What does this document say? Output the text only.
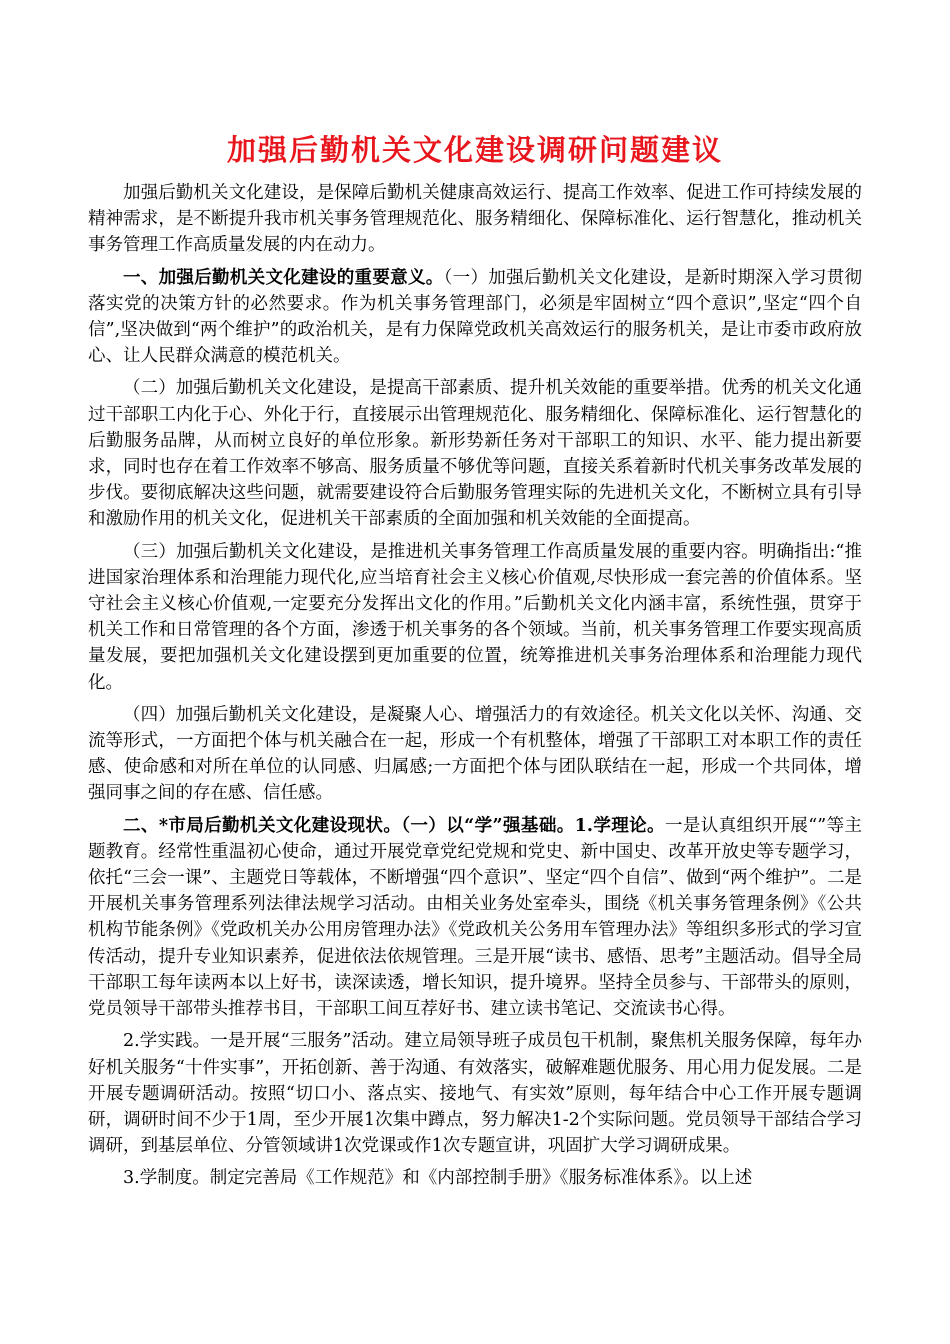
加强后勤机关文化建设调研问题建议

加强后勤机关文化建设，是保障后勤机关健康高效运行、提高工作效率、促进工作可持续发展的精神需求，是不断提升我市机关事务管理规范化、服务精细化、保障标准化、运行智慧化，推动机关事务管理工作高质量发展的内在动力。

一、加强后勤机关文化建设的重要意义。（一）加强后勤机关文化建设，是新时期深入学习贯彻落实党的决策方针的必然要求。作为机关事务管理部门，必须是牢固树立“四个意识”,坚定“四个自信”,坚决做到“两个维护”的政治机关，是有力保障党政机关高效运行的服务机关，是让市委市政府放心、让人民群众满意的模范机关。

（二）加强后勤机关文化建设，是提高干部素质、提升机关效能的重要举措。优秀的机关文化通过干部职工内化于心、外化于行，直接展示出管理规范化、服务精细化、保障标准化、运行智慧化的后勤服务品牌，从而树立良好的单位形象。新形势新任务对干部职工的知识、水平、能力提出新要求，同时也存在着工作效率不够高、服务质量不够优等问题，直接关系着新时代机关事务改革发展的步伐。要彻底解决这些问题，就需要建设符合后勤服务管理实际的先进机关文化，不断树立具有引导和激励作用的机关文化，促进机关干部素质的全面加强和机关效能的全面提高。

（三）加强后勤机关文化建设，是推进机关事务管理工作高质量发展的重要内容。明确指出:“推进国家治理体系和治理能力现代化,应当培育社会主义核心价值观,尽快形成一套完善的价值体系。坚守社会主义核心价值观,一定要充分发挥出文化的作用。”后勤机关文化内涵丰富，系统性强，贯穿于机关工作和日常管理的各个方面，渗透于机关事务的各个领域。当前，机关事务管理工作要实现高质量发展，要把加强机关文化建设摆到更加重要的位置，统筹推进机关事务治理体系和治理能力现代化。

（四）加强后勤机关文化建设，是凝聚人心、增强活力的有效途径。机关文化以关怀、沟通、交流等形式，一方面把个体与机关融合在一起，形成一个有机整体，增强了干部职工对本职工作的责任感、使命感和对所在单位的认同感、归属感;一方面把个体与团队联结在一起，形成一个共同体，增强同事之间的存在感、信任感。

二、*市局后勤机关文化建设现状。（一）以“学”强基础。1.学理论。一是认真组织开展“”等主题教育。经常性重温初心使命，通过开展党章党纪党规和党史、新中国史、改革开放史等专题学习，依托“三会一课”、主题党日等载体，不断增强“四个意识”、坚定“四个自信”、做到“两个维护”。二是开展机关事务管理系列法律法规学习活动。由相关业务处室牵头，围绕《机关事务管理条例》《公共机构节能条例》《党政机关办公用房管理办法》《党政机关公务用车管理办法》等组织多形式的学习宣传活动，提升专业知识素养，促进依法依规管理。三是开展“读书、感悟、思考”主题活动。倡导全局干部职工每年读两本以上好书，读深读透，增长知识，提升境界。坚持全员参与、干部带头的原则，党员领导干部带头推荐书目，干部职工间互荐好书、建立读书笔记、交流读书心得。

2.学实践。一是开展“三服务”活动。建立局领导班子成员包干机制，聚焦机关服务保障，每年办好机关服务“十件实事”，开拓创新、善于沟通、有效落实，破解难题优服务、用心用力促发展。二是开展专题调研活动。按照“切口小、落点实、接地气、有实效”原则，每年结合中心工作开展专题调研，调研时间不少于1周，至少开展1次集中蹲点，努力解决1-2个实际问题。党员领导干部结合学习调研，到基层单位、分管领域讲1次党课或作1次专题宣讲，巩固扩大学习调研成果。

3.学制度。制定完善局《工作规范》和《内部控制手册》《服务标准体系》。以上述
